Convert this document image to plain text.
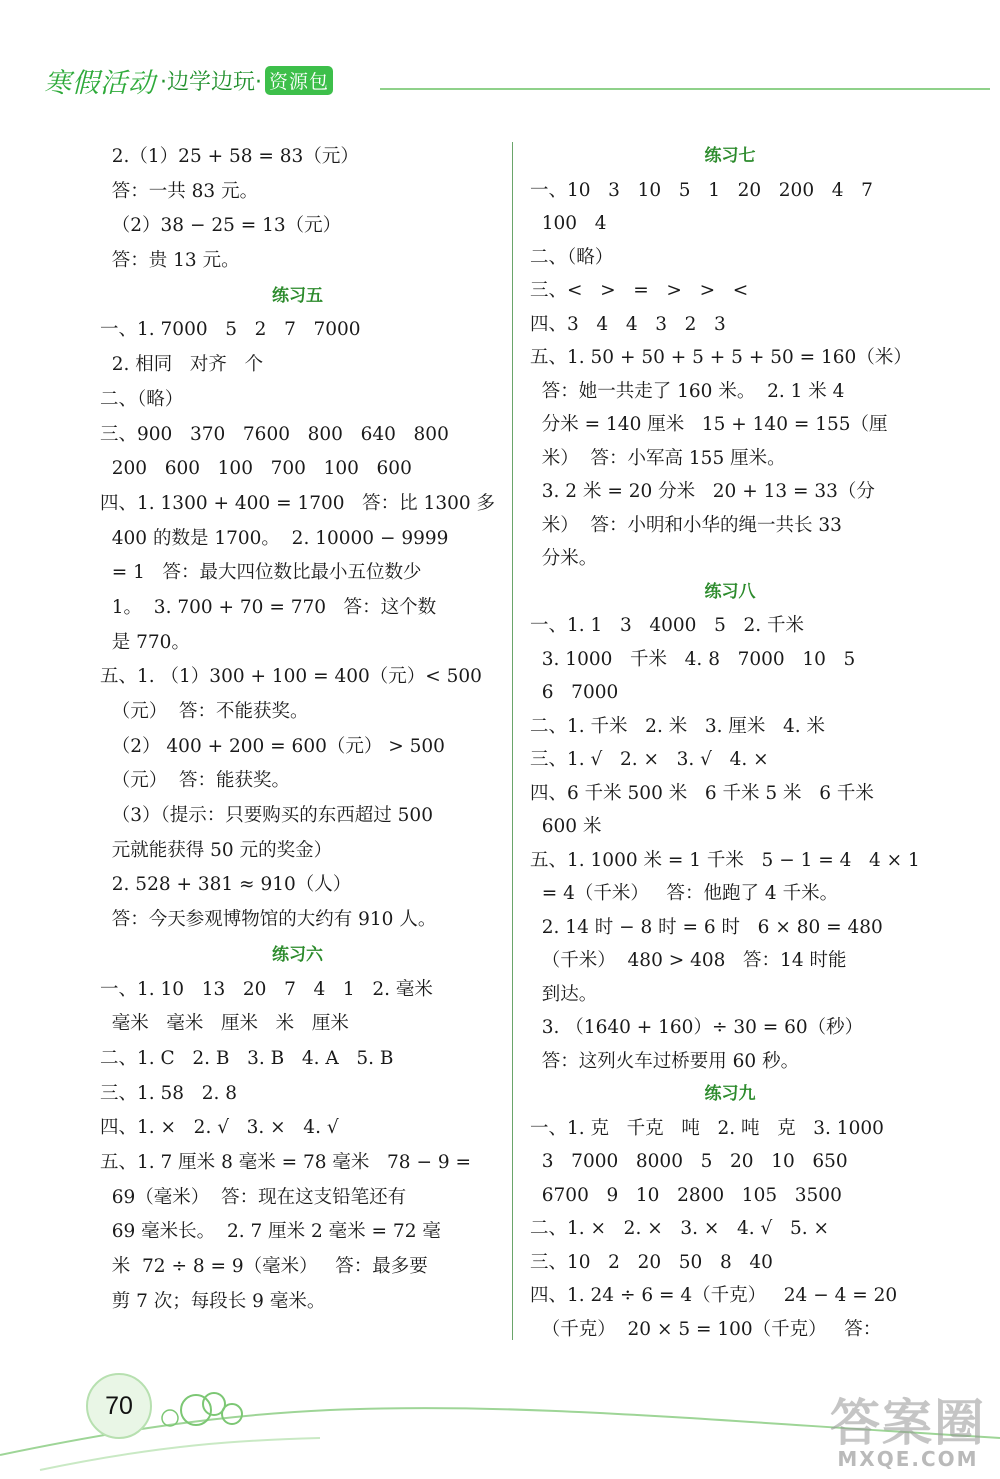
寒假活动 ·边学边玩· 资源包
2.（1）25 + 58 = 83（元）
答：一共 83 元。
（2）38 − 25 = 13（元）
答：贵 13 元。
练习五
一、1. 7000   5   2   7   7000
2. 相同   对齐   个
二、（略）
三、900   370   7600   800   640   800
200   600   100   700   100   600
四、1. 1300 + 400 = 1700   答：比 1300 多
400 的数是 1700。  2. 10000 − 9999
= 1   答：最大四位数比最小五位数少
1。  3. 700 + 70 = 770   答：这个数
是 770。
五、1. （1）300 + 100 = 400（元）< 500
（元）  答：不能获奖。
（2） 400 + 200 = 600（元） > 500
（元）  答：能获奖。
（3）（提示：只要购买的东西超过 500
元就能获得 50 元的奖金）
2. 528 + 381 ≈ 910（人）
答：今天参观博物馆的大约有 910 人。
练习六
一、1. 10   13   20   7   4   1   2. 毫米
毫米   毫米   厘米   米   厘米
二、1. C   2. B   3. B   4. A   5. B
三、1. 58   2. 8
四、1. ×   2. √   3. ×   4. √
五、1. 7 厘米 8 毫米 = 78 毫米   78 − 9 =
69（毫米）  答：现在这支铅笔还有
69 毫米长。  2. 7 厘米 2 毫米 = 72 毫
米  72 ÷ 8 = 9（毫米）   答：最多要
剪 7 次；每段长 9 毫米。
练习七
一、10   3   10   5   1   20   200   4   7
100   4
二、（略）
三、<   >   =   >   >   <
四、3   4   4   3   2   3
五、1. 50 + 50 + 5 + 5 + 50 = 160（米）
答：她一共走了 160 米。  2. 1 米 4
分米 = 140 厘米   15 + 140 = 155（厘
米）  答：小军高 155 厘米。
3. 2 米 = 20 分米   20 + 13 = 33（分
米）  答：小明和小华的绳一共长 33
分米。
练习八
一、1. 1   3   4000   5   2. 千米
3. 1000   千米   4. 8   7000   10   5
6   7000
二、1. 千米   2. 米   3. 厘米   4. 米
三、1. √   2. ×   3. √   4. ×
四、6 千米 500 米   6 千米 5 米   6 千米
600 米
五、1. 1000 米 = 1 千米   5 − 1 = 4   4 × 1
= 4（千米）   答：他跑了 4 千米。
2. 14 时 − 8 时 = 6 时   6 × 80 = 480
（千米）  480 > 408   答：14 时能
到达。
3. （1640 + 160）÷ 30 = 60（秒）
答：这列火车过桥要用 60 秒。
练习九
一、1. 克   千克   吨   2. 吨   克   3. 1000
3   7000   8000   5   20   10   650
6700   9   10   2800   105   3500
二、1. ×   2. ×   3. ×   4. √   5. ×
三、10   2   20   50   8   40
四、1. 24 ÷ 6 = 4（千克）   24 − 4 = 20
（千克）  20 × 5 = 100（千克）   答：
70	答案圈
MXQE.COM
